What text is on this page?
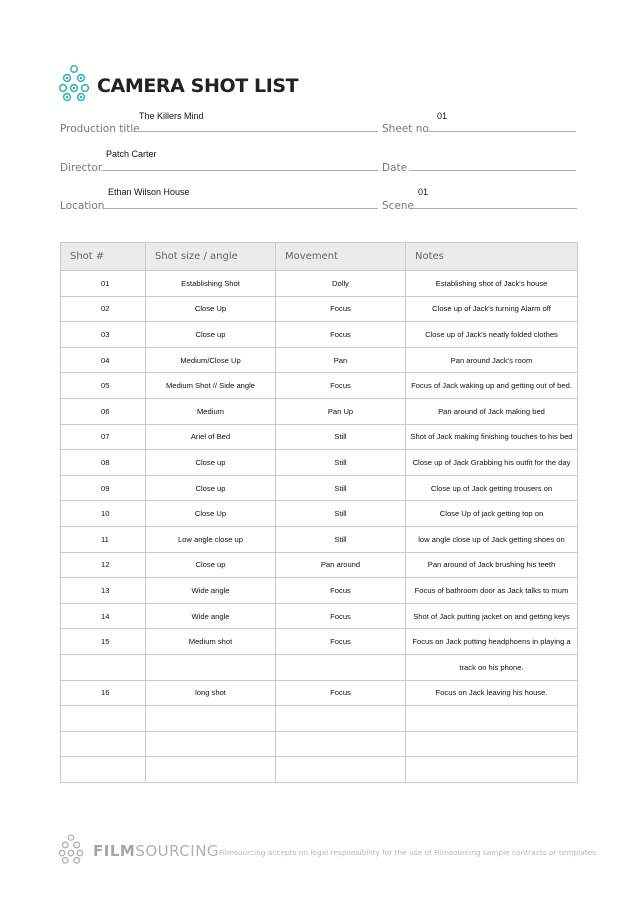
CAMERA SHOT LIST
The Killers Mind
Production title
01
Sheet no.
Patch Carter
Director	Date
Ethan Wilson House
Location
01
Scene
Shot #	Shot size / angle	Movement	Notes
01	Establishing Shot	Dolly	Establishing shot of Jack's house
02	Close Up	Focus	Close up of Jack's turning Alarm off
03	Close up	Focus	Close up of Jack's neatly folded clothes
04	Medium/Close Up	Pan	Pan around Jack's room
05	Medium Shot // Side angle	Focus	Focus of Jack waking up and getting out of bed.
06	Medium	Pan Up	Pan around of Jack making bed
07	Ariel of Bed	Still	Shot of Jack making finishing touches to his bed
08	Close up	Still	Close up of Jack Grabbing his outfit for the day
09	Close up	Still	Close up of Jack getting trousers on
10	Close Up	Still	Close Up of jack getting top on
11	Low angle close up	Still	low angle close up of Jack getting shoes on
12	Close up	Pan around	Pan around of Jack brushing his teeth
13	Wide angle	Focus	Focus of bathroom door as Jack talks to mum
14	Wide angle	Focus	Shot of Jack putting jacket on and getting keys
15	Medium shot	Focus	Focus on Jack putting headphoens in playing a
			track on his phone.
16	long shot	Focus	Focus on Jack leaving his house.

FILMSOURCING Filmsourcing accepts no legal responsibility for the use of Filmsourcing sample contracts or templates.
